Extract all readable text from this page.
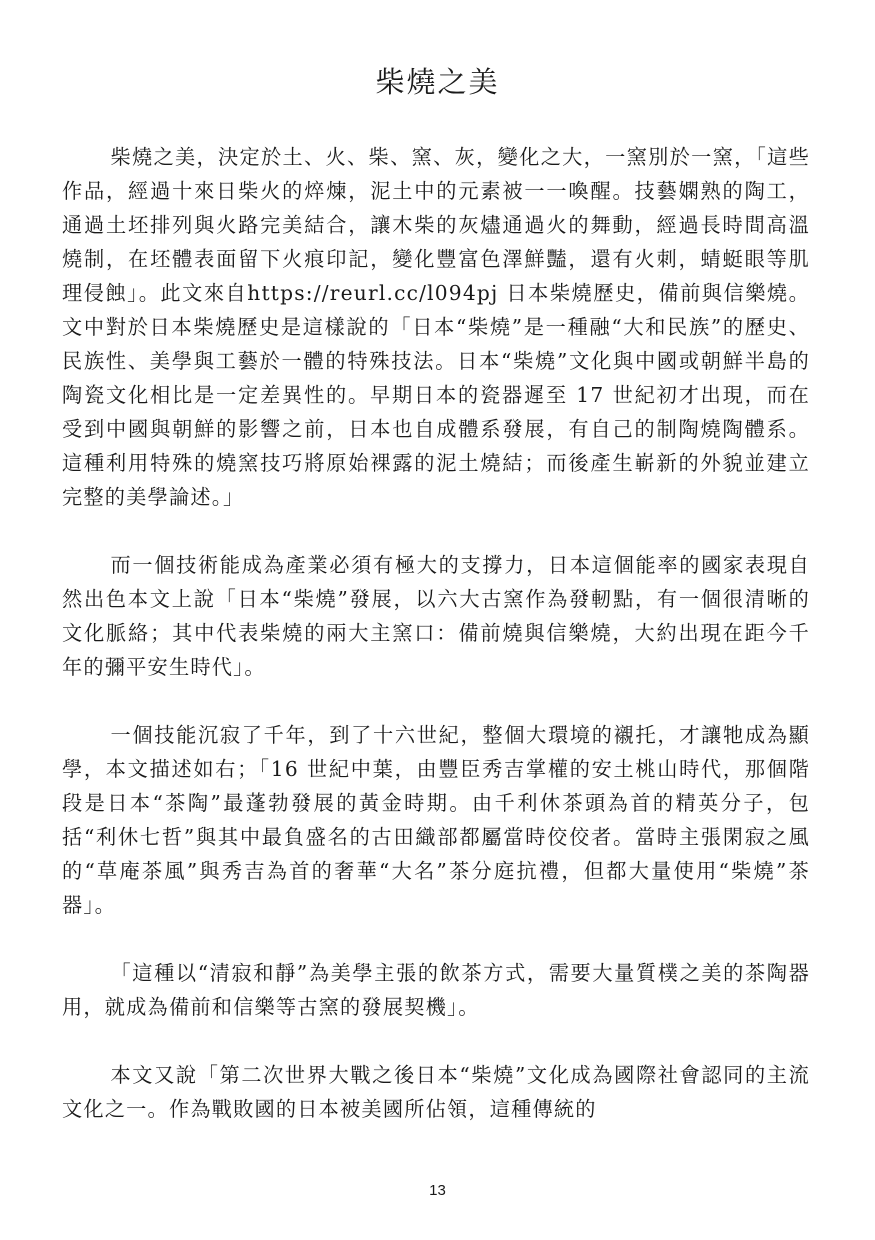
柴燒之美

柴燒之美，決定於土、火、柴、窯、灰，變化之大，一窯別於一窯，「這些作品，經過十來日柴火的焠煉，泥土中的元素被一一喚醒。技藝嫻熟的陶工，通過土坯排列與火路完美結合，讓木柴的灰燼通過火的舞動，經過長時間高溫燒制，在坯體表面留下火痕印記，變化豐富色澤鮮豔，還有火刺，蜻蜓眼等肌理侵蝕」。此文來自https://reurl.cc/l094pj 日本柴燒歷史，備前與信樂燒。文中對於日本柴燒歷史是這樣說的「日本“柴燒”是一種融“大和民族”的歷史、民族性、美學與工藝於一體的特殊技法。日本“柴燒”文化與中國或朝鮮半島的陶瓷文化相比是一定差異性的。早期日本的瓷器遲至 17 世紀初才出現，而在受到中國與朝鮮的影響之前，日本也自成體系發展，有自己的制陶燒陶體系。這種利用特殊的燒窯技巧將原始裸露的泥土燒結；而後產生嶄新的外貌並建立完整的美學論述。」

而一個技術能成為產業必須有極大的支撐力，日本這個能率的國家表現自然出色本文上說「日本“柴燒”發展，以六大古窯作為發軔點，有一個很清晰的文化脈絡；其中代表柴燒的兩大主窯口：備前燒與信樂燒，大約出現在距今千年的彌平安生時代」。

一個技能沉寂了千年，到了十六世紀，整個大環境的襯托，才讓牠成為顯學，本文描述如右；「16 世紀中葉，由豐臣秀吉掌權的安土桃山時代，那個階段是日本“茶陶”最蓬勃發展的黃金時期。由千利休茶頭為首的精英分子，包括“利休七哲”與其中最負盛名的古田織部都屬當時佼佼者。當時主張閑寂之風的“草庵茶風”與秀吉為首的奢華“大名”茶分庭抗禮，但都大量使用“柴燒”茶器」。

「這種以“清寂和靜”為美學主張的飲茶方式，需要大量質樸之美的茶陶器用，就成為備前和信樂等古窯的發展契機」。

本文又說「第二次世界大戰之後日本“柴燒”文化成為國際社會認同的主流文化之一。作為戰敗國的日本被美國所佔領，這種傳統的

13
